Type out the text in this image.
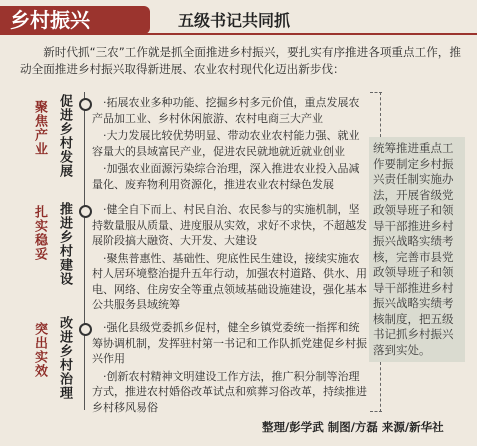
乡村振兴	五级书记共同抓
新时代抓“三农”工作就是抓全面推进乡村振兴，要扎实有序推进各项重点工作，推动全面推进乡村振兴取得新进展、农业农村现代化迈出新步伐：
聚焦产业 促进乡村发展	·拓展农业多种功能、挖掘乡村多元价值，重点发展农产品加工业、乡村休闲旅游、农村电商三大产业

·大力发展比较优势明显、带动农业农村能力强、就业容量大的县域富民产业，促进农民就地就近就业创业

·加强农业面源污染综合治理，深入推进农业投入品减量化、废弃物利用资源化，推进农业农村绿色发展

扎实稳妥 推进乡村建设	·健全自下而上、村民自治、农民参与的实施机制，坚持数量服从质量、进度服从实效，求好不求快，不超越发展阶段搞大融资、大开发、大建设

·聚焦普惠性、基础性、兜底性民生建设，接续实施农村人居环境整治提升五年行动，加强农村道路、供水、用电、网络、住房安全等重点领域基础设施建设，强化基本公共服务县域统筹

突出实效 改进乡村治理	·强化县级党委抓乡促村，健全乡镇党委统一指挥和统筹协调机制，发挥驻村第一书记和工作队抓党建促乡村振兴作用

·创新农村精神文明建设工作方法，推广积分制等治理方式，推进农村婚俗改革试点和殡葬习俗改革，持续推进乡村移风易俗

统筹推进重点工作要制定乡村振兴责任制实施办法，开展省级党政领导班子和领导干部推进乡村振兴战略实绩考核，完善市县党政领导班子和领导干部推进乡村振兴战略实绩考核制度，把五级书记抓乡村振兴落到实处。
整理/彭学武 制图/方磊 来源/新华社
